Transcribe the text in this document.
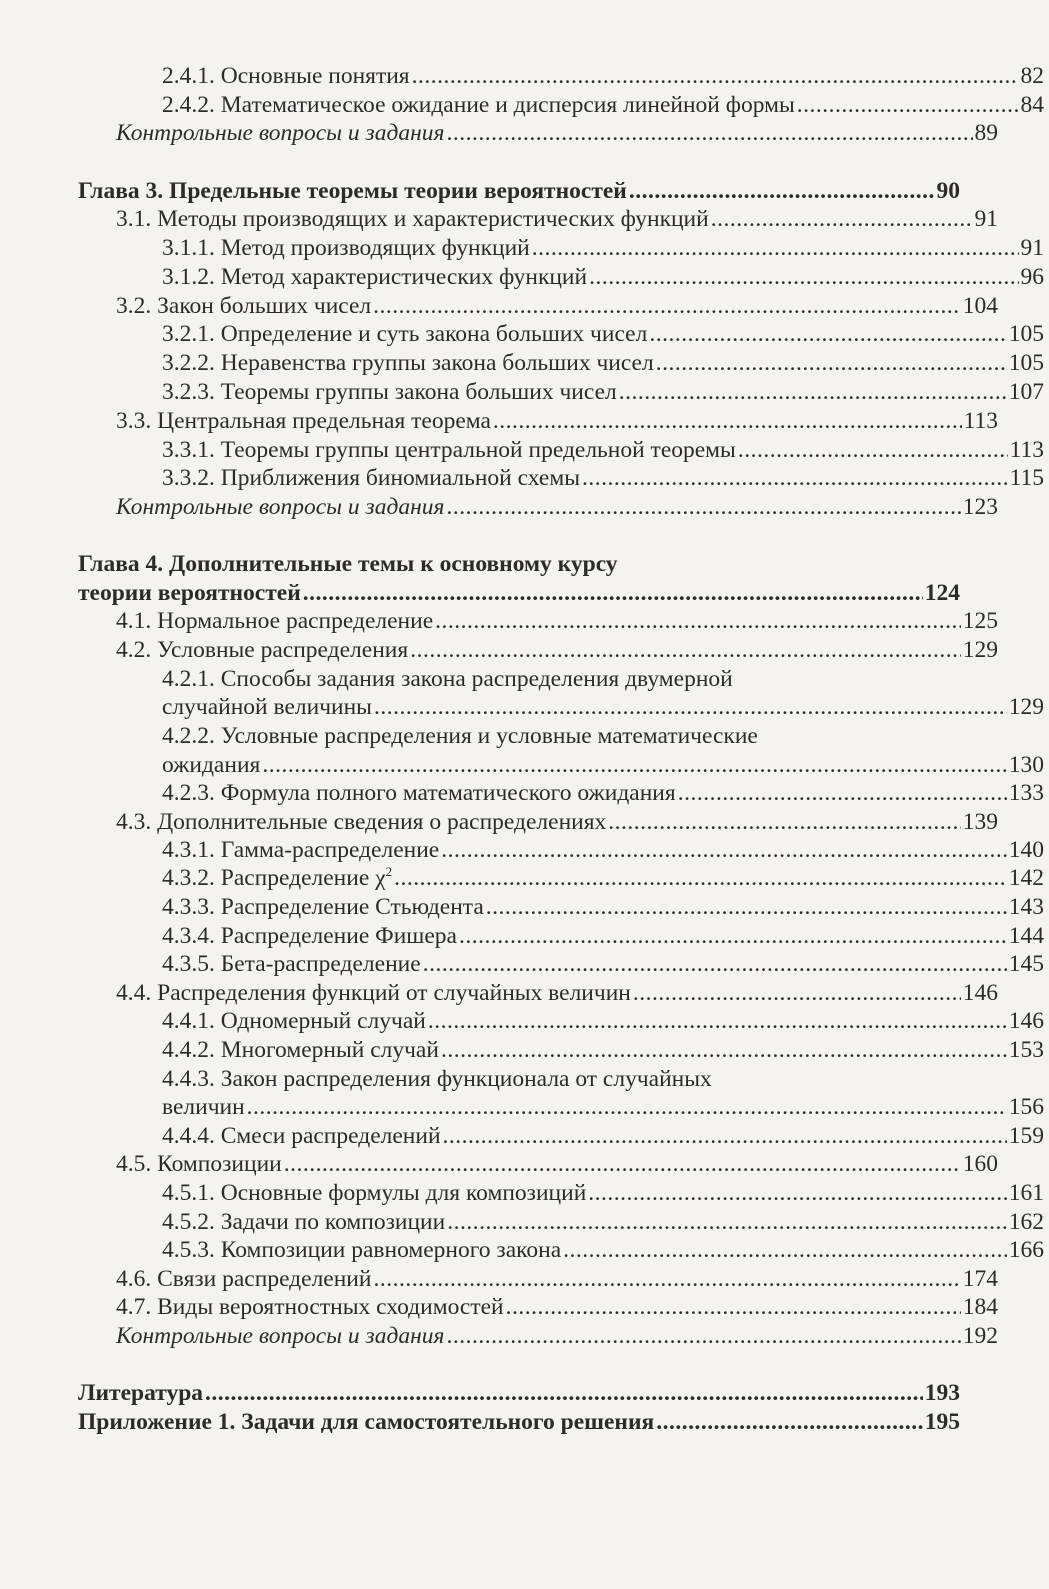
2.4.1. Основные понятия .....	82
2.4.2. Математическое ожидание и дисперсия линейной формы .....	84
Контрольные вопросы и задания .....	89
Глава 3. Предельные теоремы теории вероятностей .....	90
3.1. Методы производящих и характеристических функций .....	91
3.1.1. Метод производящих функций .....	91
3.1.2. Метод характеристических функций .....	96
3.2. Закон больших чисел .....	104
3.2.1. Определение и суть закона больших чисел .....	105
3.2.2. Неравенства группы закона больших чисел .....	105
3.2.3. Теоремы группы закона больших чисел .....	107
3.3. Центральная предельная теорема .....	113
3.3.1. Теоремы группы центральной предельной теоремы .....	113
3.3.2. Приближения биномиальной схемы .....	115
Контрольные вопросы и задания .....	123
Глава 4. Дополнительные темы к основному курсу
теории вероятностей .....	124
4.1. Нормальное распределение .....	125
4.2. Условные распределения .....	129
4.2.1. Способы задания закона распределения двумерной
случайной величины .....	129
4.2.2. Условные распределения и условные математические
ожидания .....	130
4.2.3. Формула полного математического ожидания .....	133
4.3. Дополнительные сведения о распределениях .....	139
4.3.1. Гамма-распределение .....	140
4.3.2. Распределение $\chi^2$ .....	142
4.3.3. Распределение Стьюдента .....	143
4.3.4. Распределение Фишера .....	144
4.3.5. Бета-распределение .....	145
4.4. Распределения функций от случайных величин .....	146
4.4.1. Одномерный случай .....	146
4.4.2. Многомерный случай .....	153
4.4.3. Закон распределения функционала от случайных
величин .....	156
4.4.4. Смеси распределений .....	159
4.5. Композиции .....	160
4.5.1. Основные формулы для композиций .....	161
4.5.2. Задачи по композиции .....	162
4.5.3. Композиции равномерного закона .....	166
4.6. Связи распределений .....	174
4.7. Виды вероятностных сходимостей .....	184
Контрольные вопросы и задания .....	192
Литература .....	193
Приложение 1. Задачи для самостоятельного решения .....	195
